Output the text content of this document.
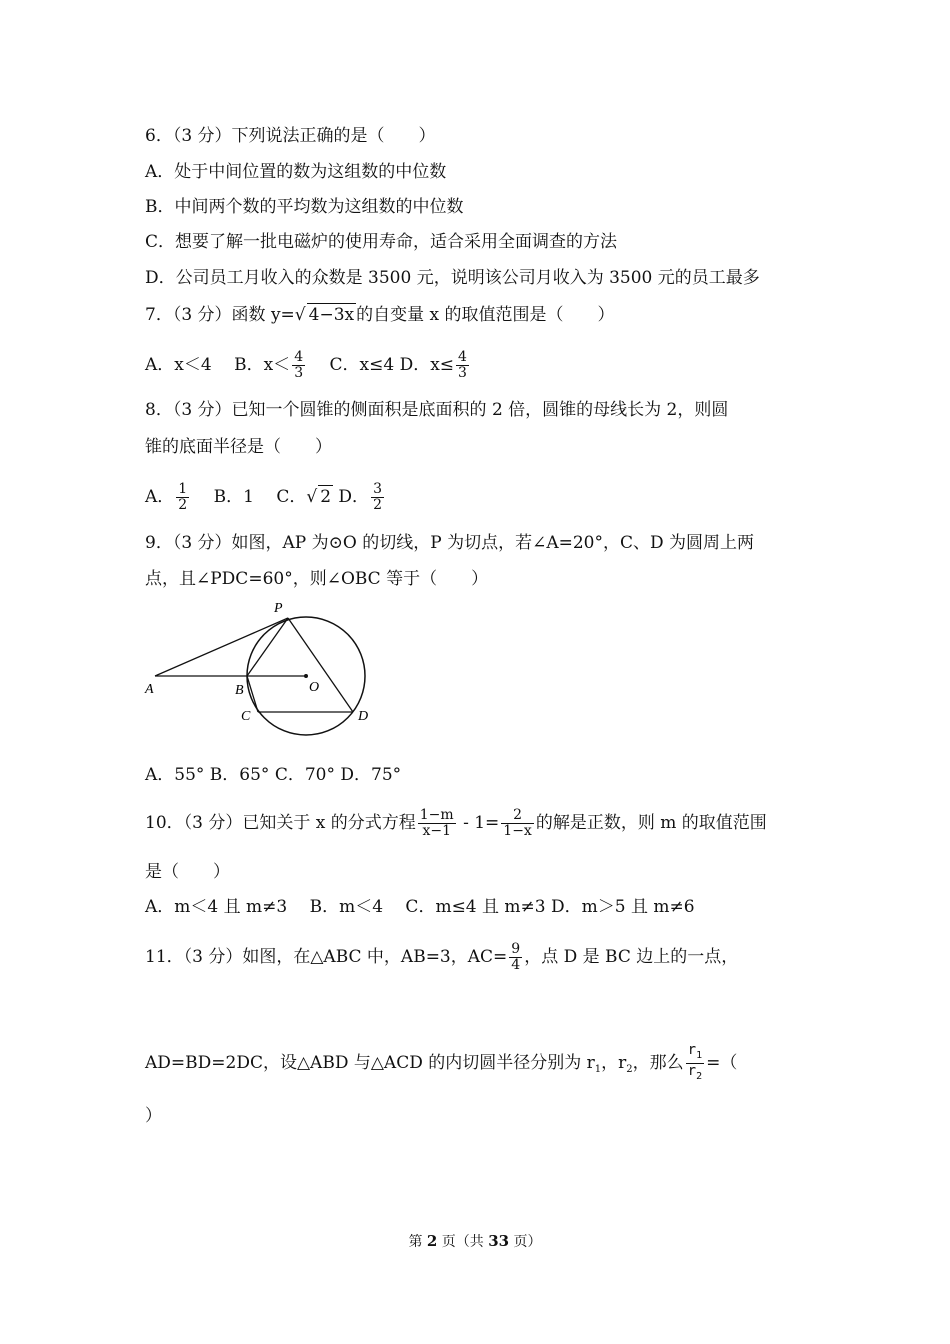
6．（3 分）下列说法正确的是（　　）
A．处于中间位置的数为这组数的中位数
B．中间两个数的平均数为这组数的中位数
C．想要了解一批电磁炉的使用寿命，适合采用全面调查的方法
D．公司员工月收入的众数是 3500 元，说明该公司月收入为 3500 元的员工最多
7．（3 分）函数 y=√ 4−3x 的自变量 x 的取值范围是（　　）
A．x＜4　 B．$x< \frac{4}{3}$
　 C．x≤4 D．$x\le \frac{4}{3}$
8．（3 分）已知一个圆锥的侧面积是底面积的 2 倍，圆锥的母线长为 2，则圆
锥的底面半径是（　　）
A． $\frac{1}{2}$
　 B．1　 C．√ 2 D． $\frac{3}{2}$
9．（3 分）如图，AP 为⊙O 的切线，P 为切点，若∠A=20°，C、D 为圆周上两
点，且∠PDC=60°，则∠OBC 等于（　　）
P
A	B	O
C	D
A．55° B．65° C．70° D．75°
10．（3 分）已知关于 x 的分式方程 $\frac{1-m}{x-1} - 1= \frac{2}{1-x}$ 的解是正数，则 m 的取值范围
是（　　）
A．m＜4 且 m≠3　 B．m＜4　 C．m≤4 且 m≠3 D．m＞5 且 m≠6
11．（3 分）如图，在△ABC 中，AB=3，$AC= \frac{9}{4}$ ，点 D 是 BC 边上的一点，
AD=BD=2DC，设△ABD 与△ACD 的内切圆半径分别为 $r_1$，$r_2$，那么 $\frac{r_1}{r_2}$ =（
）
第 2 页（共 33 页）
